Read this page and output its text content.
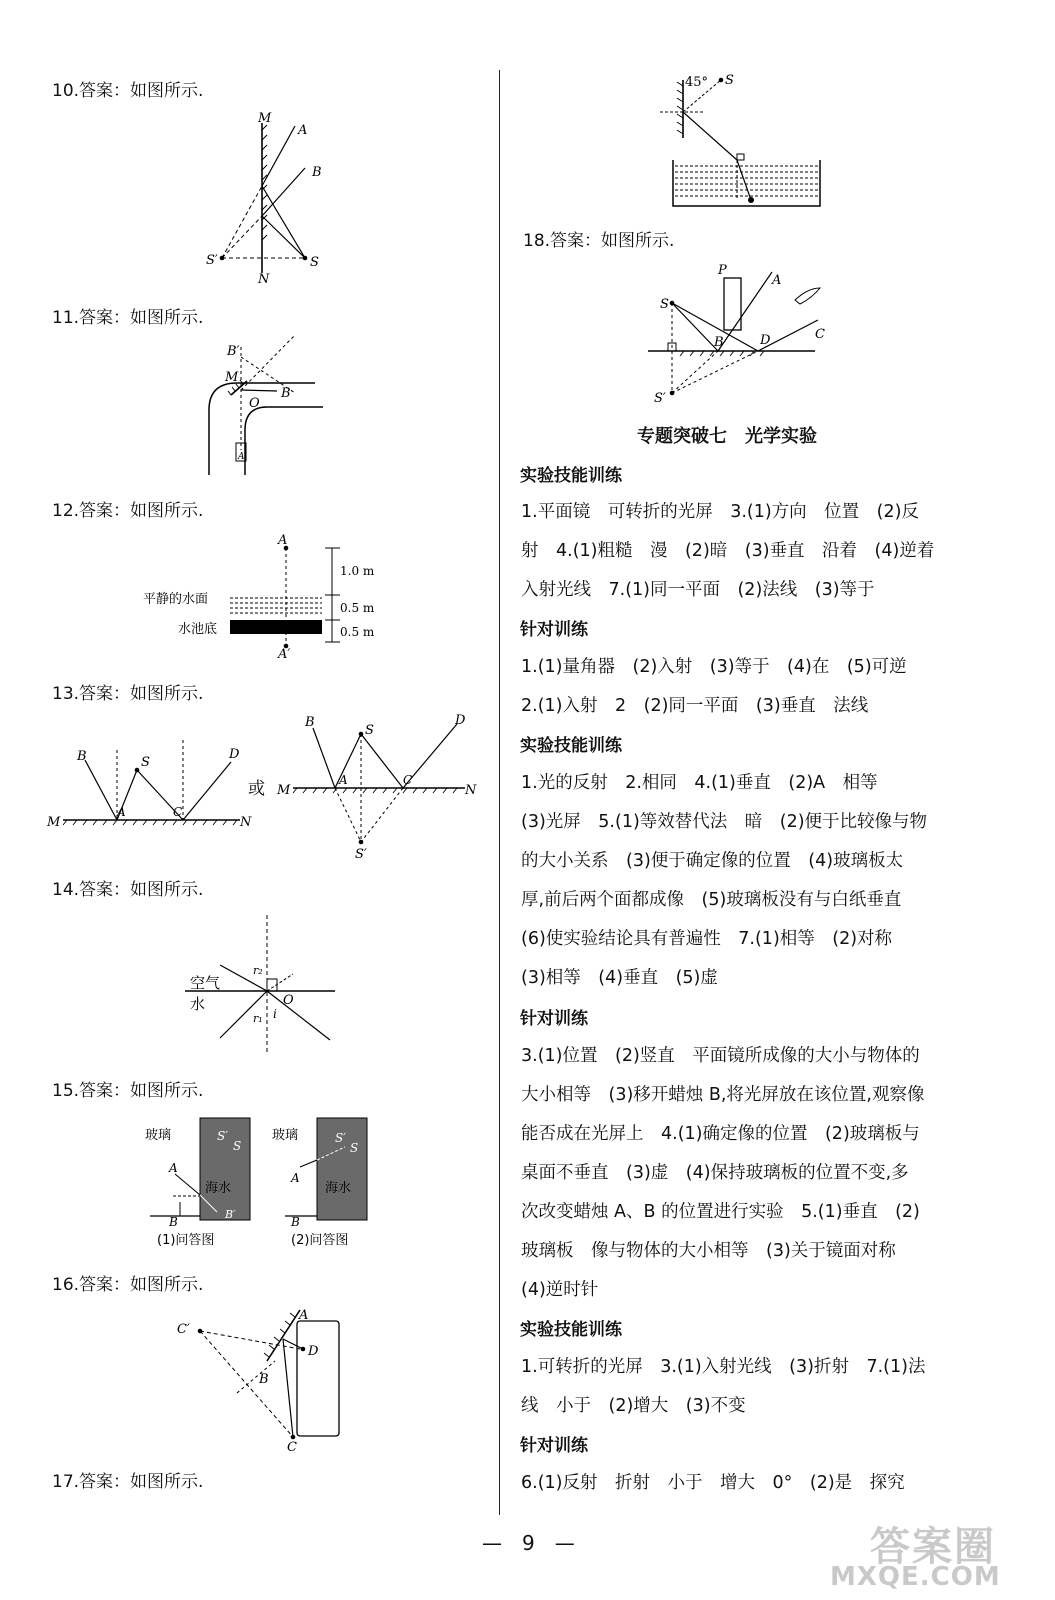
10.答案：如图所示.
M
A
B
S′
N
S
11.答案：如图所示.
B′
M
O
B
A
12.答案：如图所示.
A
A′
平静的水面
水池底
1.0 m
0.5 m
0.5 m
13.答案：如图所示.
B	S
D
A	C
M	N
或
B
S
D
A	C
M	N
S′
14.答案：如图所示.
空气
水
r₂
r₁
O
i
15.答案：如图所示.
S′
S
海水
B′
玻璃
A
B
(1)问答图
S′
S
海水
玻璃
A
B
(2)问答图
16.答案：如图所示.
C′
A
D
B
C
17.答案：如图所示.
45° S
18.答案：如图所示.
P
A
S
B	D	C
S′
专题突破七　光学实验
实验技能训练
1.平面镜　可转折的光屏　3.(1)方向　位置　(2)反
射　4.(1)粗糙　漫　(2)暗　(3)垂直　沿着　(4)逆着
入射光线　7.(1)同一平面　(2)法线　(3)等于
针对训练
1.(1)量角器　(2)入射　(3)等于　(4)在　(5)可逆
2.(1)入射　2　(2)同一平面　(3)垂直　法线
实验技能训练
1.光的反射　2.相同　4.(1)垂直　(2)A　相等
(3)光屏　5.(1)等效替代法　暗　(2)便于比较像与物
的大小关系　(3)便于确定像的位置　(4)玻璃板太
厚,前后两个面都成像　(5)玻璃板没有与白纸垂直
(6)使实验结论具有普遍性　7.(1)相等　(2)对称
(3)相等　(4)垂直　(5)虚
针对训练
3.(1)位置　(2)竖直　平面镜所成像的大小与物体的
大小相等　(3)移开蜡烛 B,将光屏放在该位置,观察像
能否成在光屏上　4.(1)确定像的位置　(2)玻璃板与
桌面不垂直　(3)虚　(4)保持玻璃板的位置不变,多
次改变蜡烛 A、B 的位置进行实验　5.(1)垂直　(2)
玻璃板　像与物体的大小相等　(3)关于镜面对称
(4)逆时针
实验技能训练
1.可转折的光屏　3.(1)入射光线　(3)折射　7.(1)法
线　小于　(2)增大　(3)不变
针对训练
6.(1)反射　折射　小于　增大　0°　(2)是　探究
—　9　—	答案圈
MXQE.COM
